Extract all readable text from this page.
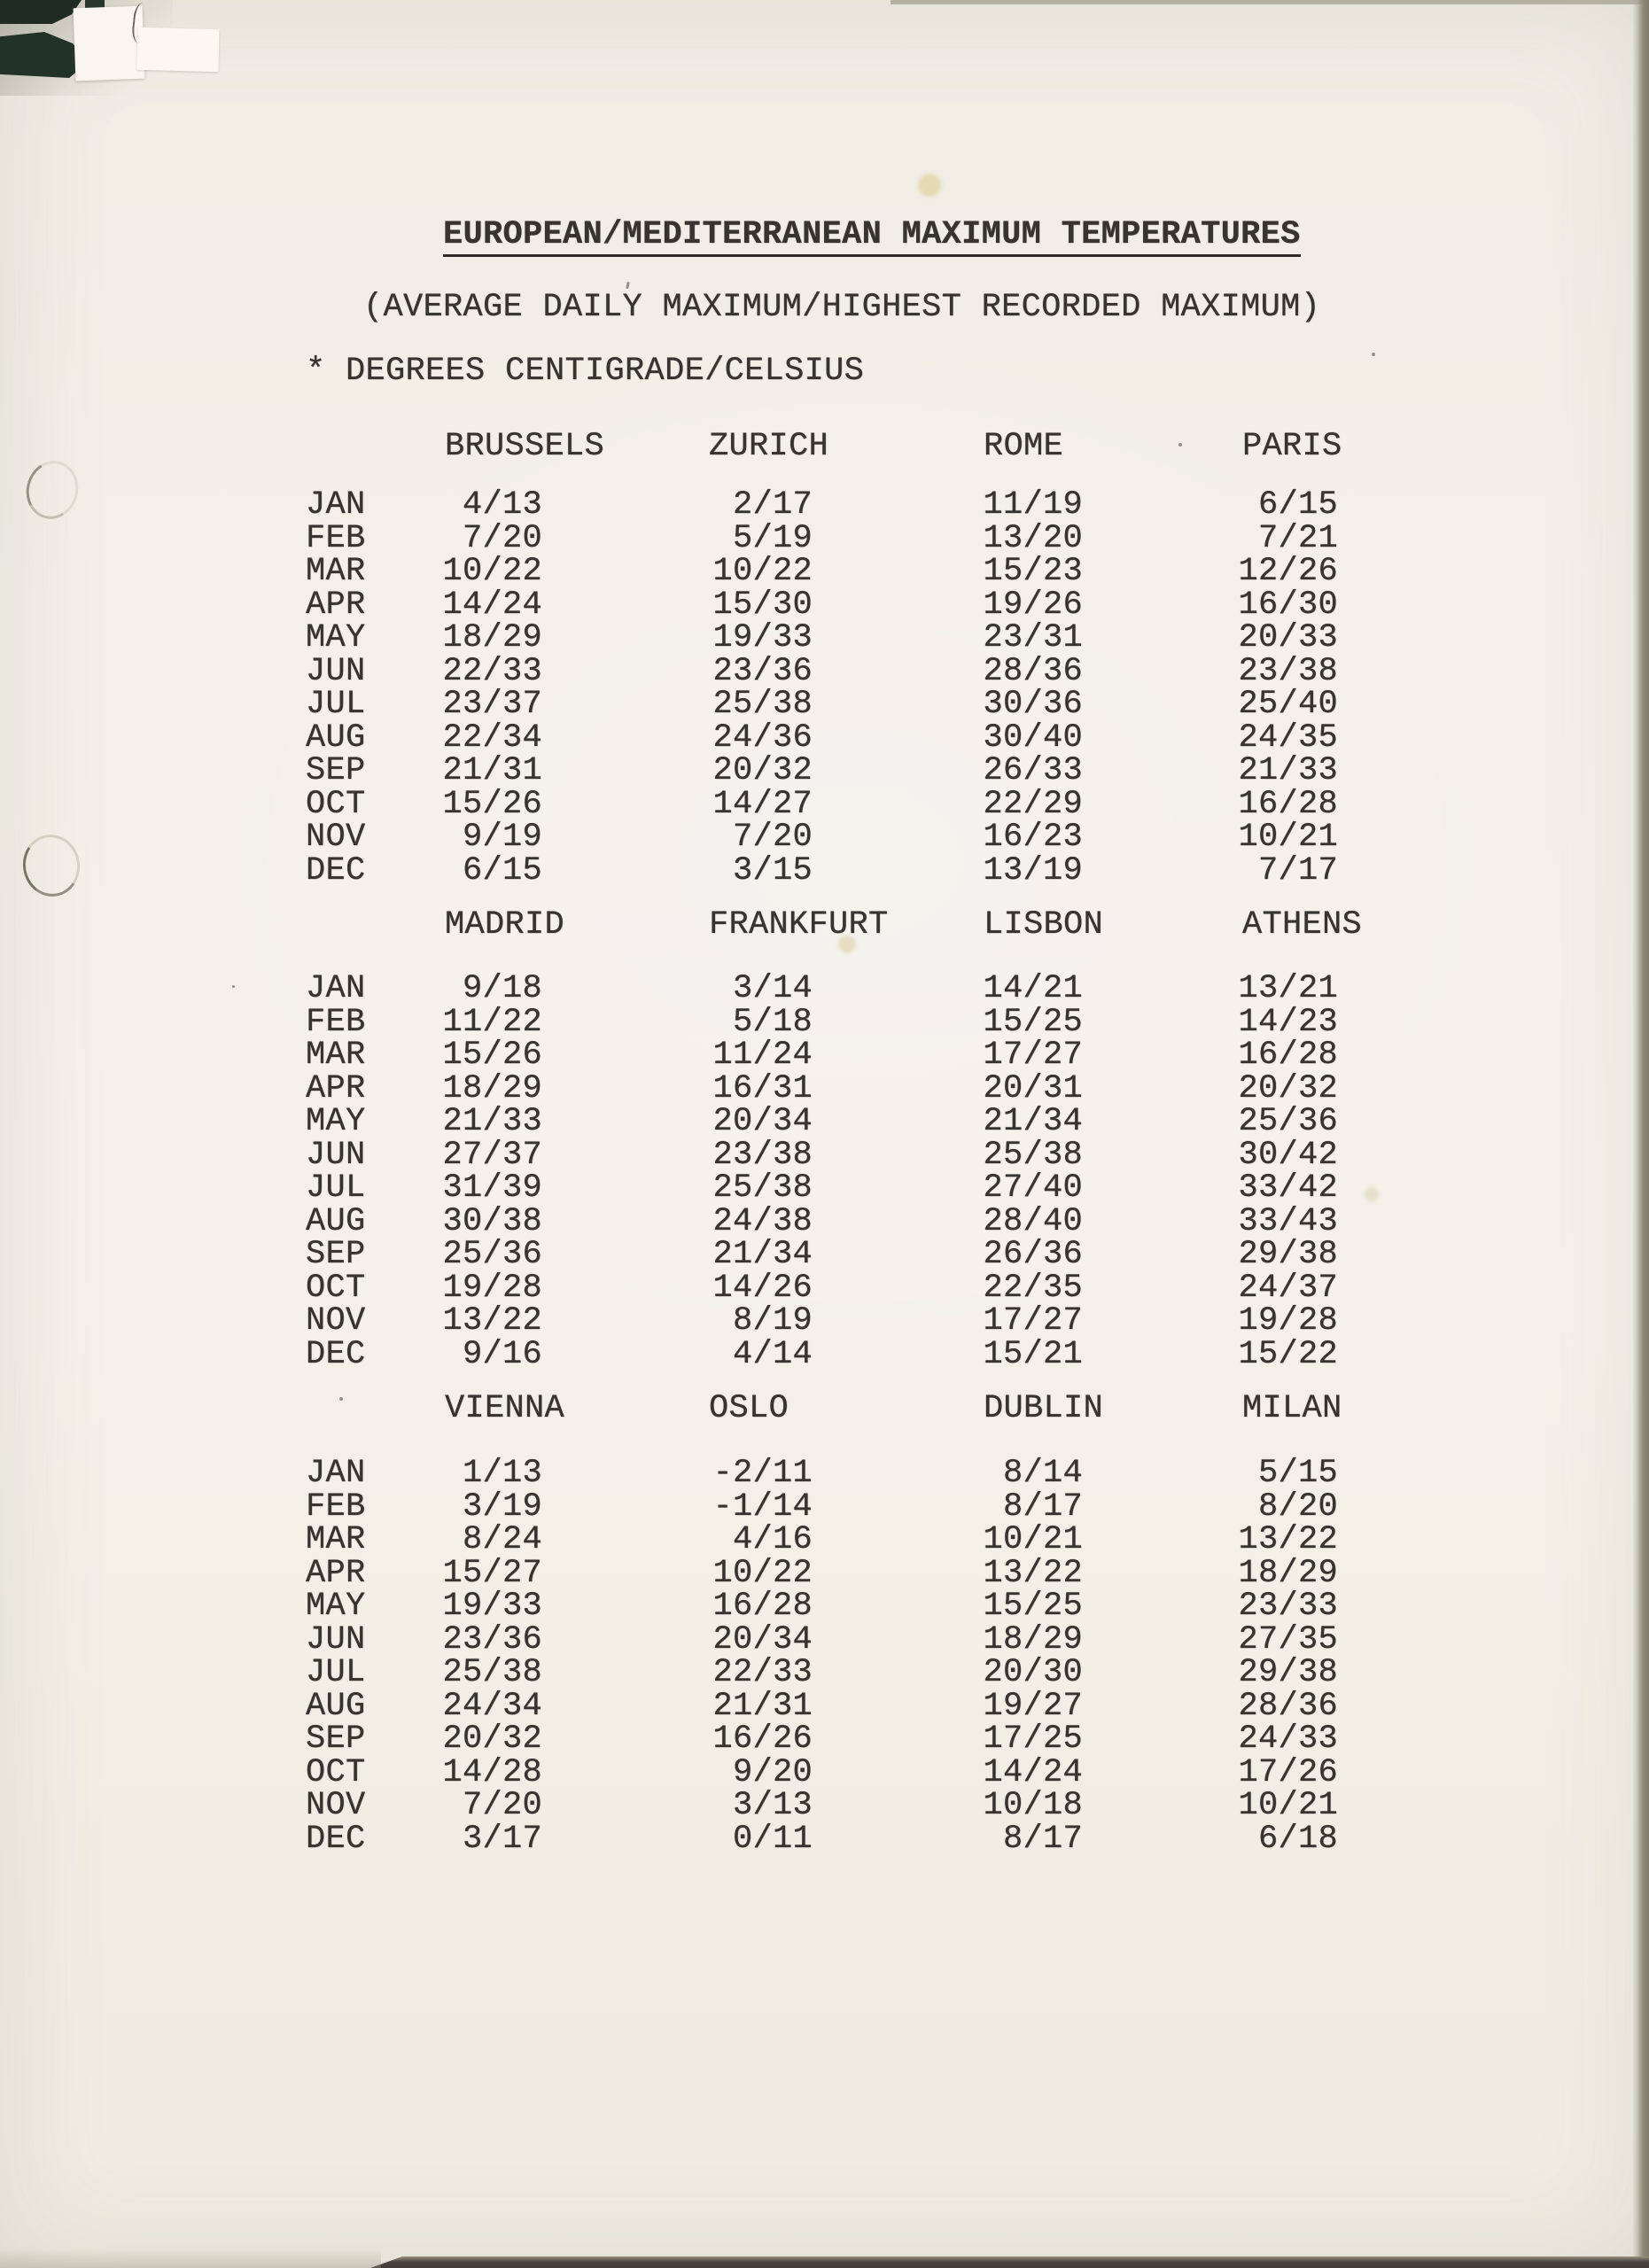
EUROPEAN/MEDITERRANEAN MAXIMUM TEMPERATURES
(AVERAGE DAILY MAXIMUM/HIGHEST RECORDED MAXIMUM)
* DEGREES CENTIGRADE/CELSIUS
BRUSSELS	ZURICH	ROME	PARIS
JAN	4/13	2/17	11/19	6/15
FEB	7/20	5/19	13/20	7/21
MAR	10/22	10/22	15/23	12/26
APR	14/24	15/30	19/26	16/30
MAY	18/29	19/33	23/31	20/33
JUN	22/33	23/36	28/36	23/38
JUL	23/37	25/38	30/36	25/40
AUG	22/34	24/36	30/40	24/35
SEP	21/31	20/32	26/33	21/33
OCT	15/26	14/27	22/29	16/28
NOV	9/19	7/20	16/23	10/21
DEC	6/15	3/15	13/19	7/17
MADRID	FRANKFURT	LISBON	ATHENS
JAN	9/18	3/14	14/21	13/21
FEB	11/22	5/18	15/25	14/23
MAR	15/26	11/24	17/27	16/28
APR	18/29	16/31	20/31	20/32
MAY	21/33	20/34	21/34	25/36
JUN	27/37	23/38	25/38	30/42
JUL	31/39	25/38	27/40	33/42
AUG	30/38	24/38	28/40	33/43
SEP	25/36	21/34	26/36	29/38
OCT	19/28	14/26	22/35	24/37
NOV	13/22	8/19	17/27	19/28
DEC	9/16	4/14	15/21	15/22
VIENNA	OSLO	DUBLIN	MILAN
JAN	1/13	-2/11	8/14	5/15
FEB	3/19	-1/14	8/17	8/20
MAR	8/24	4/16	10/21	13/22
APR	15/27	10/22	13/22	18/29
MAY	19/33	16/28	15/25	23/33
JUN	23/36	20/34	18/29	27/35
JUL	25/38	22/33	20/30	29/38
AUG	24/34	21/31	19/27	28/36
SEP	20/32	16/26	17/25	24/33
OCT	14/28	9/20	14/24	17/26
NOV	7/20	3/13	10/18	10/21
DEC	3/17	0/11	8/17	6/18
